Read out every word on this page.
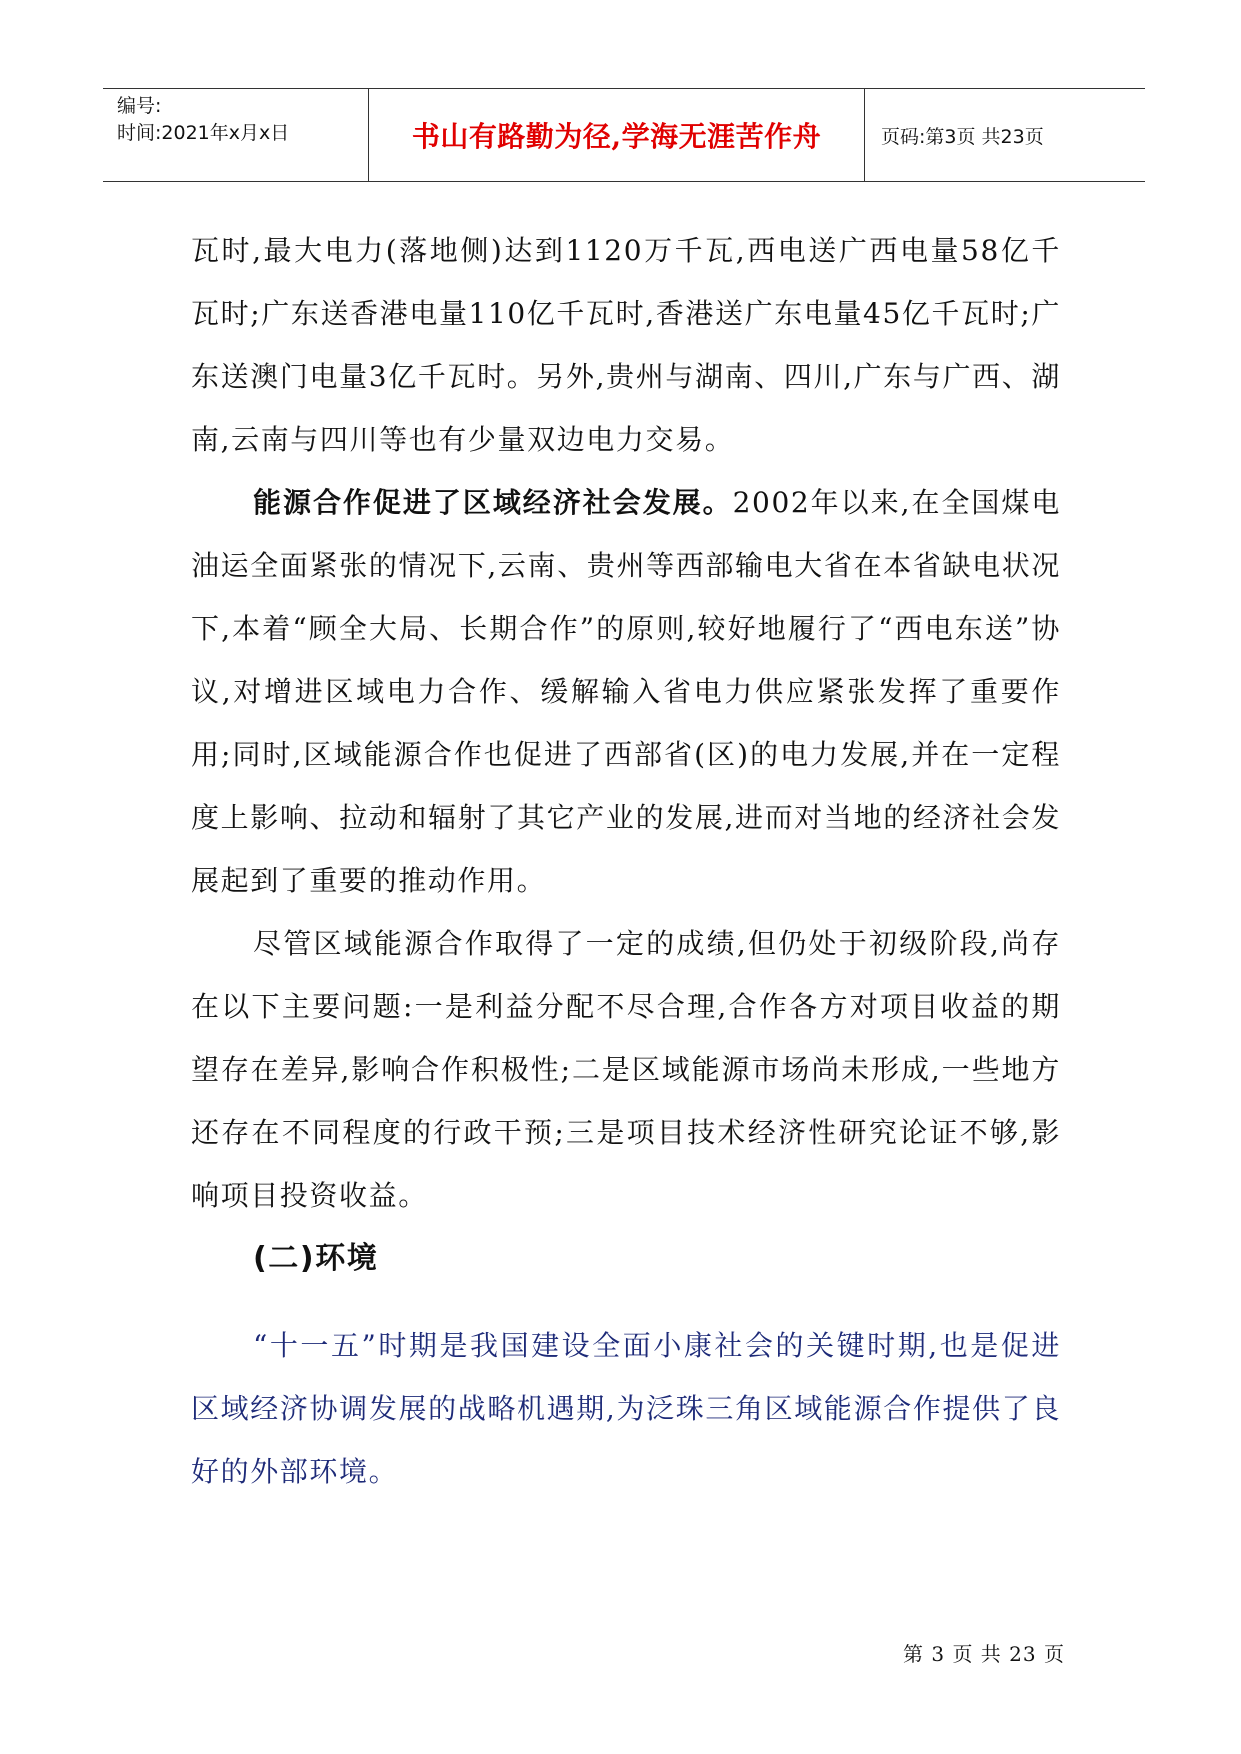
编号:
时间:2021年x月x日	书山有路勤为径,学海无涯苦作舟	页码:第3页 共23页

瓦时,最大电力(落地侧)达到1120万千瓦,西电送广西电量58亿千瓦时;广东送香港电量110亿千瓦时,香港送广东电量45亿千瓦时;广东送澳门电量3亿千瓦时。另外,贵州与湖南、四川,广东与广西、湖南,云南与四川等也有少量双边电力交易。

能源合作促进了区域经济社会发展。2002年以来,在全国煤电油运全面紧张的情况下,云南、贵州等西部输电大省在本省缺电状况下,本着“顾全大局、长期合作”的原则,较好地履行了“西电东送”协议,对增进区域电力合作、缓解输入省电力供应紧张发挥了重要作用;同时,区域能源合作也促进了西部省(区)的电力发展,并在一定程度上影响、拉动和辐射了其它产业的发展,进而对当地的经济社会发展起到了重要的推动作用。

尽管区域能源合作取得了一定的成绩,但仍处于初级阶段,尚存在以下主要问题:一是利益分配不尽合理,合作各方对项目收益的期望存在差异,影响合作积极性;二是区域能源市场尚未形成,一些地方还存在不同程度的行政干预;三是项目技术经济性研究论证不够,影响项目投资收益。

(二)环境

“十一五”时期是我国建设全面小康社会的关键时期,也是促进区域经济协调发展的战略机遇期,为泛珠三角区域能源合作提供了良好的外部环境。

第 3 页 共 23 页
